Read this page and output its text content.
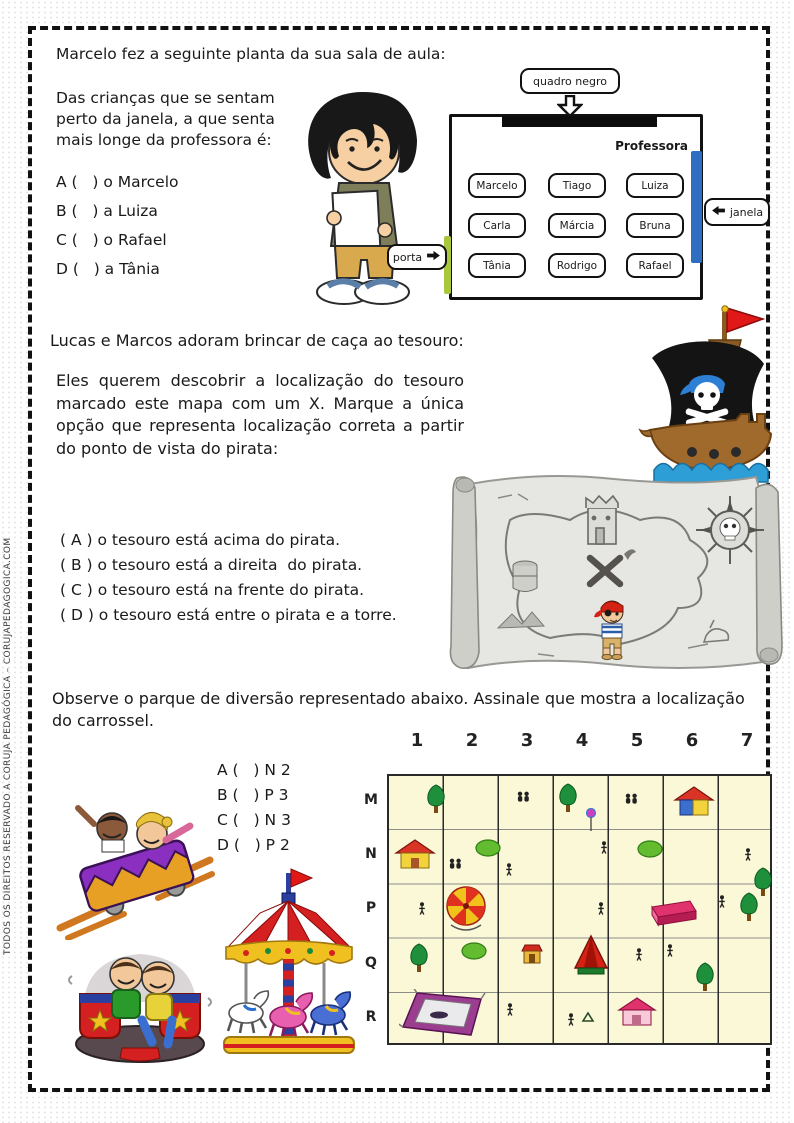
TODOS OS DIREITOS RESERVADO A CORUJA PEDAGÓGICA – CORUJAPEDAGOGICA.COM
Marcelo fez a seguinte planta da sua sala de aula:
Das crianças que se sentam perto da janela, a que senta mais longe da professora é:
A (   ) o Marcelo
B (   ) a Luiza
C (   ) o Rafael
D (   ) a Tânia
quadro negro
Professora
Marcelo	Tiago	Luiza
Carla	Márcia	Bruna
Tânia	Rodrigo	Rafael
janela
porta
Lucas e Marcos adoram brincar de caça ao tesouro:
Eles querem descobrir a localização do tesouro marcado este mapa com um X. Marque a única opção que representa localização correta a partir do ponto de vista do pirata:
( A ) o tesouro está acima do pirata.
( B ) o tesouro está a direita  do pirata.
( C ) o tesouro está na frente do pirata.
( D ) o tesouro está entre o pirata e a torre.
Observe o parque de diversão representado abaixo. Assinale que mostra a localização do carrossel.
A (   ) N 2
B (   ) P 3
C (   ) N 3
D (   ) P 2
1	2	3	4	5	6	7
M
N
P
Q
R
